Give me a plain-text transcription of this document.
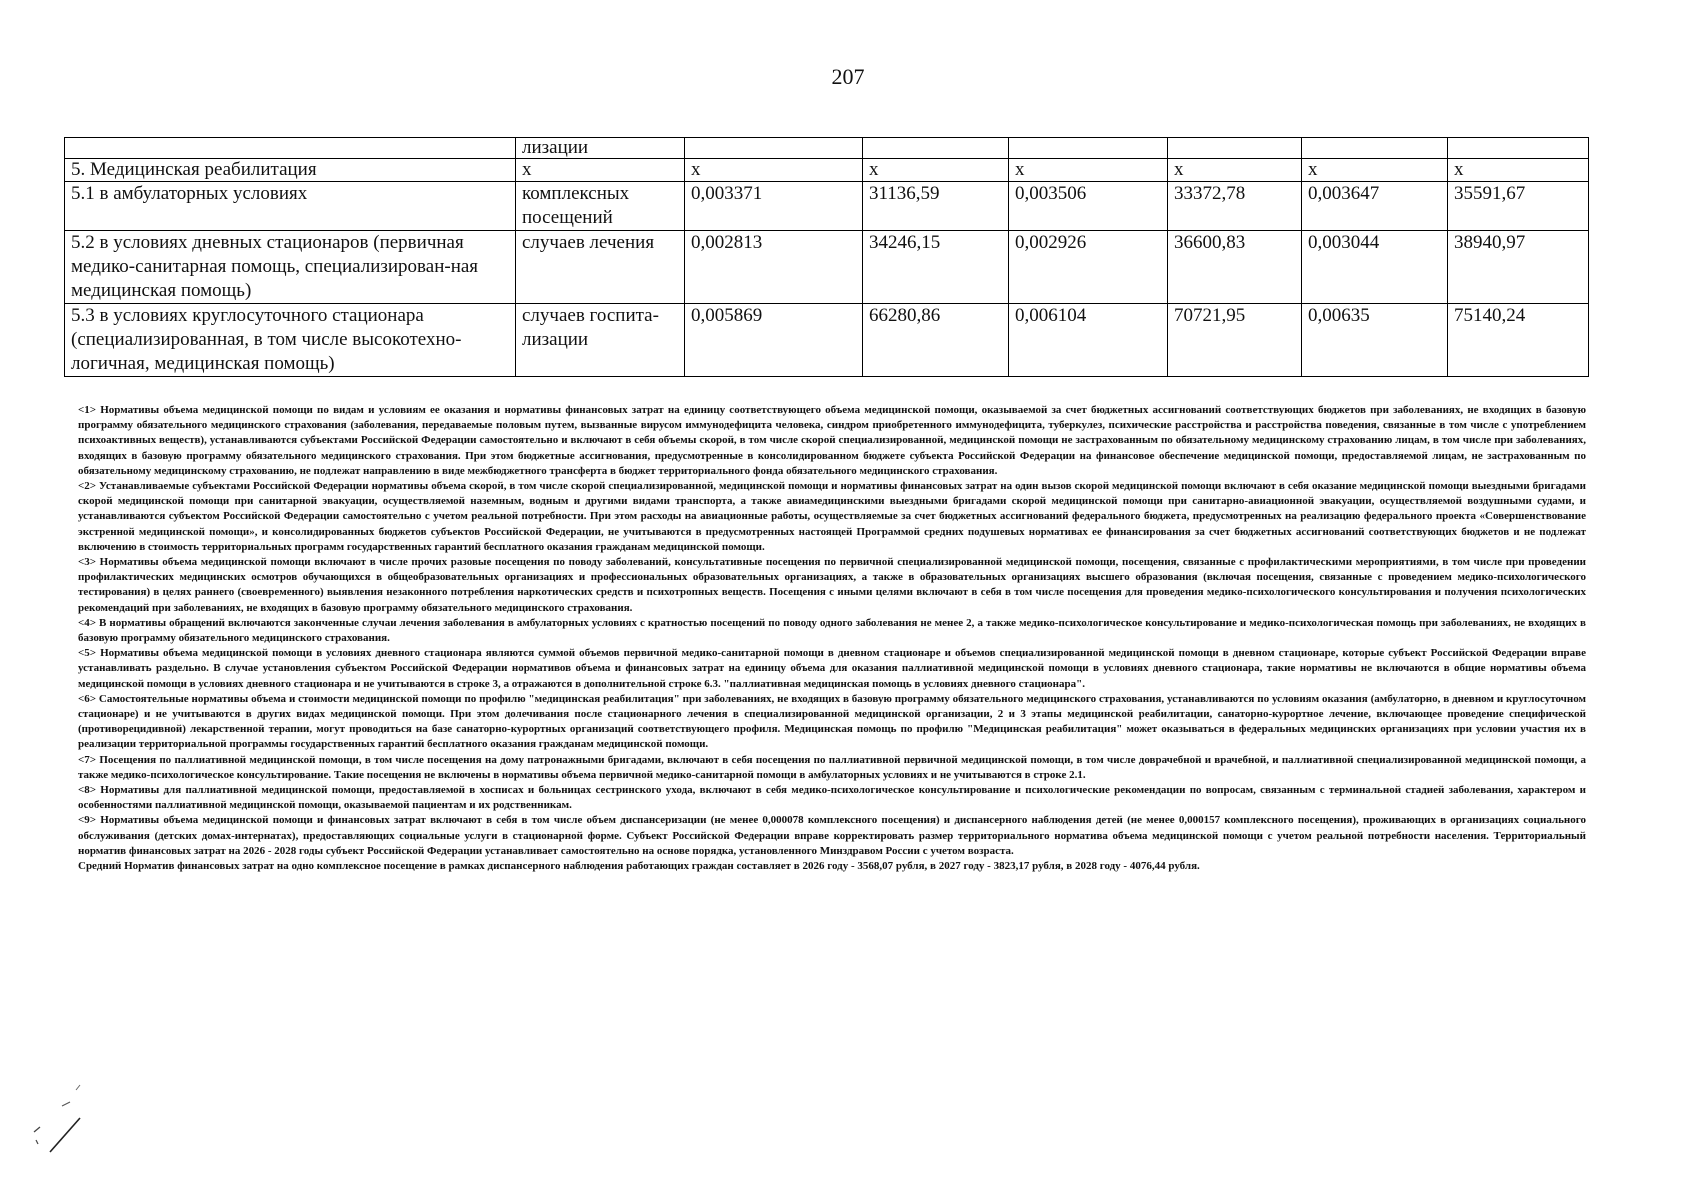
207
	лизации						
5. Медицинская реабилитация	х	х	х	х	х	х	х
5.1 в амбулаторных условиях	комплексных посещений	0,003371	31136,59	0,003506	33372,78	0,003647	35591,67
5.2 в условиях дневных стационаров (первичная медико-санитарная помощь, специализирован-ная медицинская помощь)	случаев лечения	0,002813	34246,15	0,002926	36600,83	0,003044	38940,97
5.3 в условиях круглосуточного стационара (специализированная, в том числе высокотехно-логичная, медицинская помощь)	случаев госпита-лизации	0,005869	66280,86	0,006104	70721,95	0,00635	75140,24

<1> Нормативы объема медицинской помощи по видам и условиям ее оказания и нормативы финансовых затрат на единицу соответствующего объема медицинской помощи, оказываемой за счет бюджетных ассигнований соответствующих бюджетов при заболеваниях, не входящих в базовую программу обязательного медицинского страхования (заболевания, передаваемые половым путем, вызванные вирусом иммунодефицита человека, синдром приобретенного иммунодефицита, туберкулез, психические расстройства и расстройства поведения, связанные в том числе с употреблением психоактивных веществ), устанавливаются субъектами Российской Федерации самостоятельно и включают в себя объемы скорой, в том числе скорой специализированной, медицинской помощи не застрахованным по обязательному медицинскому страхованию лицам, в том числе при заболеваниях, входящих в базовую программу обязательного медицинского страхования. При этом бюджетные ассигнования, предусмотренные в консолидированном бюджете субъекта Российской Федерации на финансовое обеспечение медицинской помощи, предоставляемой лицам, не застрахованным по обязательному медицинскому страхованию, не подлежат направлению в виде межбюджетного трансферта в бюджет территориального фонда обязательного медицинского страхования.

<2> Устанавливаемые субъектами Российской Федерации нормативы объема скорой, в том числе скорой специализированной, медицинской помощи и нормативы финансовых затрат на один вызов скорой медицинской помощи включают в себя оказание медицинской помощи выездными бригадами скорой медицинской помощи при санитарной эвакуации, осуществляемой наземным, водным и другими видами транспорта, а также авиамедицинскими выездными бригадами скорой медицинской помощи при санитарно-авиационной эвакуации, осуществляемой воздушными судами, и устанавливаются субъектом Российской Федерации самостоятельно с учетом реальной потребности. При этом расходы на авиационные работы, осуществляемые за счет бюджетных ассигнований федерального бюджета, предусмотренных на реализацию федерального проекта «Совершенствование экстренной медицинской помощи», и консолидированных бюджетов субъектов Российской Федерации, не учитываются в предусмотренных настоящей Программой средних подушевых нормативах ее финансирования за счет бюджетных ассигнований соответствующих бюджетов и не подлежат включению в стоимость территориальных программ государственных гарантий бесплатного оказания гражданам медицинской помощи.

<3> Нормативы объема медицинской помощи включают в числе прочих разовые посещения по поводу заболеваний, консультативные посещения по первичной специализированной медицинской помощи, посещения, связанные с профилактическими мероприятиями, в том числе при проведении профилактических медицинских осмотров обучающихся в общеобразовательных организациях и профессиональных образовательных организациях, а также в образовательных организациях высшего образования (включая посещения, связанные с проведением медико-психологического тестирования) в целях раннего (своевременного) выявления незаконного потребления наркотических средств и психотропных веществ. Посещения с иными целями включают в себя в том числе посещения для проведения медико-психологического консультирования и получения психологических рекомендаций при заболеваниях, не входящих в базовую программу обязательного медицинского страхования.

<4> В нормативы обращений включаются законченные случаи лечения заболевания в амбулаторных условиях с кратностью посещений по поводу одного заболевания не менее 2, а также медико-психологическое консультирование и медико-психологическая помощь при заболеваниях, не входящих в базовую программу обязательного медицинского страхования.

<5> Нормативы объема медицинской помощи в условиях дневного стационара являются суммой объемов первичной медико-санитарной помощи в дневном стационаре и объемов специализированной медицинской помощи в дневном стационаре, которые субъект Российской Федерации вправе устанавливать раздельно. В случае установления субъектом Российской Федерации нормативов объема и финансовых затрат на единицу объема для оказания паллиативной медицинской помощи в условиях дневного стационара, такие нормативы не включаются в общие нормативы объема медицинской помощи в условиях дневного стационара и не учитываются в строке 3, а отражаются в дополнительной строке 6.3. "паллиативная медицинская помощь в условиях дневного стационара".

<6> Самостоятельные нормативы объема и стоимости медицинской помощи по профилю "медицинская реабилитация" при заболеваниях, не входящих в базовую программу обязательного медицинского страхования, устанавливаются по условиям оказания (амбулаторно, в дневном и круглосуточном стационаре) и не учитываются в других видах медицинской помощи. При этом долечивания после стационарного лечения в специализированной медицинской организации, 2 и 3 этапы медицинской реабилитации, санаторно-курортное лечение, включающее проведение специфической (противорецидивной) лекарственной терапии, могут проводиться на базе санаторно-курортных организаций соответствующего профиля. Медицинская помощь по профилю "Медицинская реабилитация" может оказываться в федеральных медицинских организациях при условии участия их в реализации территориальной программы государственных гарантий бесплатного оказания гражданам медицинской помощи.

<7> Посещения по паллиативной медицинской помощи, в том числе посещения на дому патронажными бригадами, включают в себя посещения по паллиативной первичной медицинской помощи, в том числе доврачебной и врачебной, и паллиативной специализированной медицинской помощи, а также медико-психологическое консультирование. Такие посещения не включены в нормативы объема первичной медико-санитарной помощи в амбулаторных условиях и не учитываются в строке 2.1.

<8> Нормативы для паллиативной медицинской помощи, предоставляемой в хосписах и больницах сестринского ухода, включают в себя медико-психологическое консультирование и психологические рекомендации по вопросам, связанным с терминальной стадией заболевания, характером и особенностями паллиативной медицинской помощи, оказываемой пациентам и их родственникам.

<9> Нормативы объема медицинской помощи и финансовых затрат включают в себя в том числе объем диспансеризации (не менее 0,000078 комплексного посещения) и диспансерного наблюдения детей (не менее 0,000157 комплексного посещения), проживающих в организациях социального обслуживания (детских домах-интернатах), предоставляющих социальные услуги в стационарной форме. Субъект Российской Федерации вправе корректировать размер территориального норматива объема медицинской помощи с учетом реальной потребности населения. Территориальный норматив финансовых затрат на 2026 - 2028 годы субъект Российской Федерации устанавливает самостоятельно на основе порядка, установленного Минздравом России с учетом возраста.

Средний Норматив финансовых затрат на одно комплексное посещение в рамках диспансерного наблюдения работающих граждан составляет в 2026 году - 3568,07 рубля, в 2027 году - 3823,17 рубля, в 2028 году - 4076,44 рубля.
